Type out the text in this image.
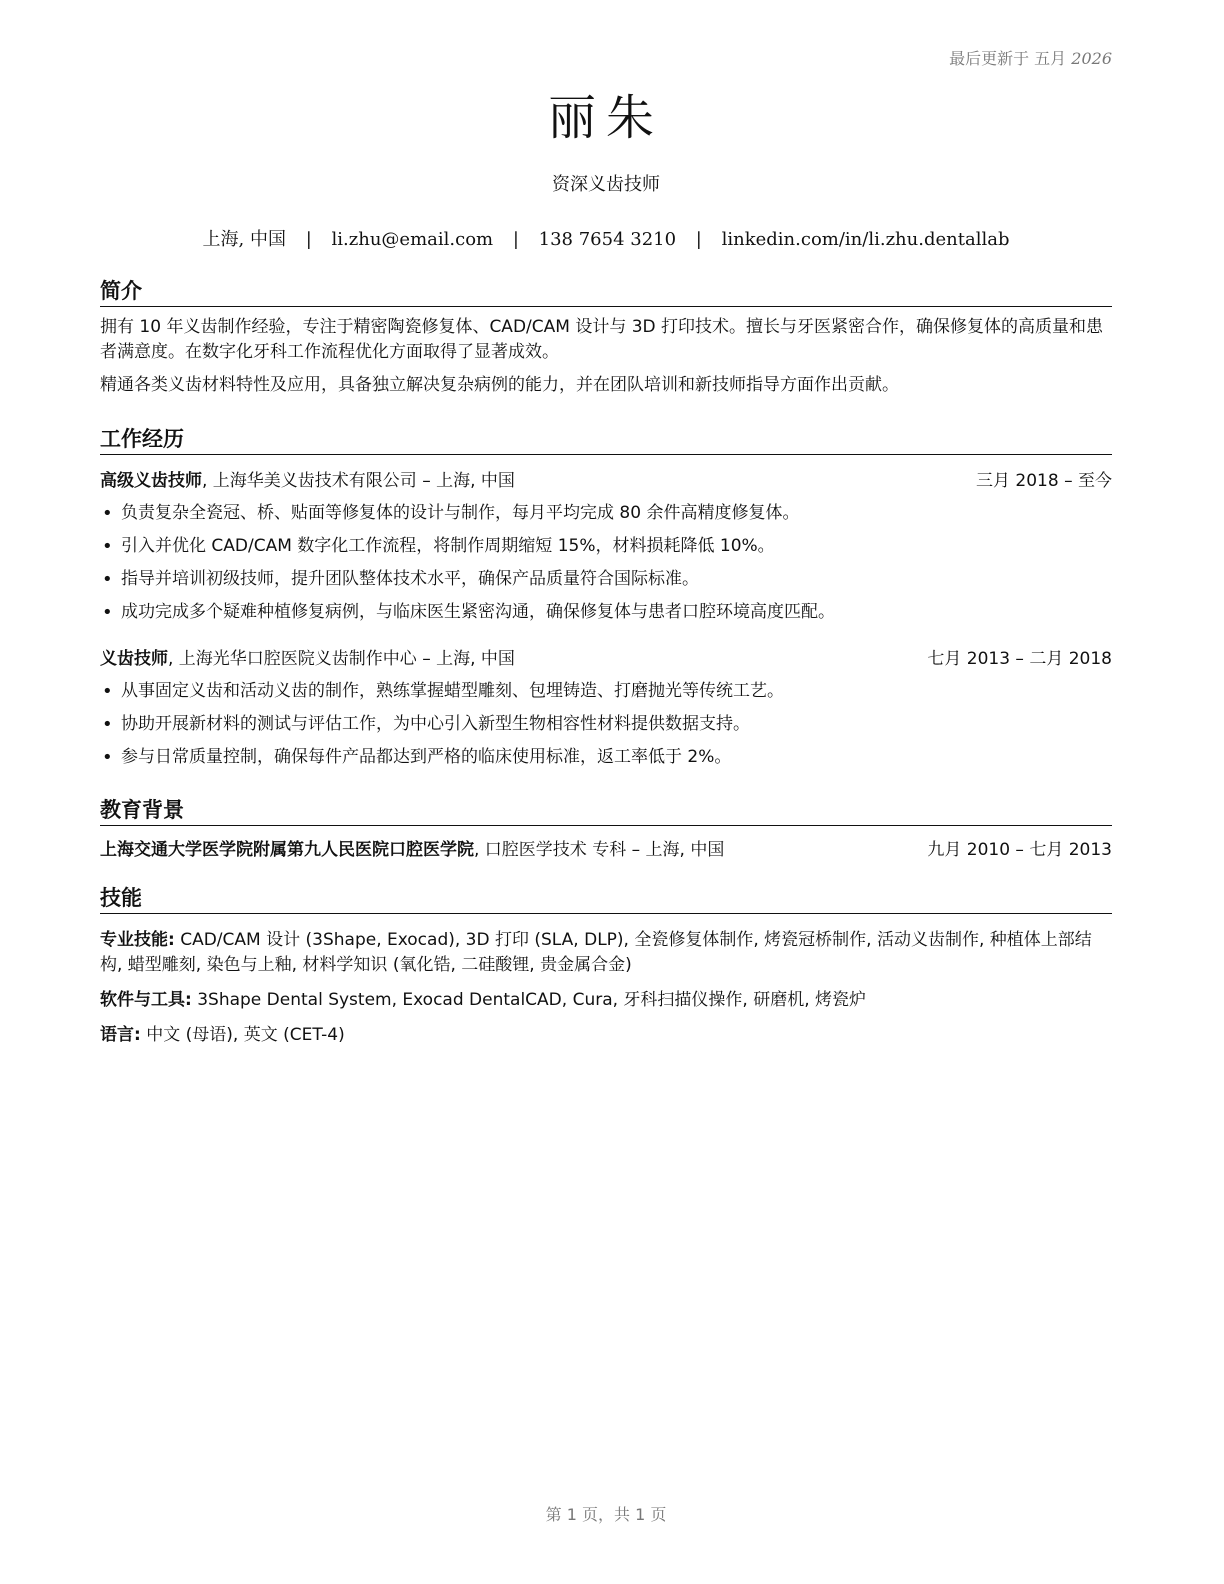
最后更新于 五月 2026
丽朱
资深义齿技师
上海, 中国 | li.zhu@email.com | 138 7654 3210 | linkedin.com/in/li.zhu.dentallab
简介
拥有 10 年义齿制作经验，专注于精密陶瓷修复体、CAD/CAM 设计与 3D 打印技术。擅长与牙医紧密合作，确保修复体的高质量和患者满意度。在数字化牙科工作流程优化方面取得了显著成效。
精通各类义齿材料特性及应用，具备独立解决复杂病例的能力，并在团队培训和新技师指导方面作出贡献。
工作经历
高级义齿技师, 上海华美义齿技术有限公司 – 上海, 中国	三月 2018 – 至今
• 负责复杂全瓷冠、桥、贴面等修复体的设计与制作，每月平均完成 80 余件高精度修复体。
• 引入并优化 CAD/CAM 数字化工作流程，将制作周期缩短 15%，材料损耗降低 10%。
• 指导并培训初级技师，提升团队整体技术水平，确保产品质量符合国际标准。
• 成功完成多个疑难种植修复病例，与临床医生紧密沟通，确保修复体与患者口腔环境高度匹配。
义齿技师, 上海光华口腔医院义齿制作中心 – 上海, 中国	七月 2013 – 二月 2018
• 从事固定义齿和活动义齿的制作，熟练掌握蜡型雕刻、包埋铸造、打磨抛光等传统工艺。
• 协助开展新材料的测试与评估工作，为中心引入新型生物相容性材料提供数据支持。
• 参与日常质量控制，确保每件产品都达到严格的临床使用标准，返工率低于 2%。
教育背景
上海交通大学医学院附属第九人民医院口腔医学院, 口腔医学技术 专科 – 上海, 中国	九月 2010 – 七月 2013
技能
专业技能: CAD/CAM 设计 (3Shape, Exocad), 3D 打印 (SLA, DLP), 全瓷修复体制作, 烤瓷冠桥制作, 活动义齿制作, 种植体上部结构, 蜡型雕刻, 染色与上釉, 材料学知识 (氧化锆, 二硅酸锂, 贵金属合金)
软件与工具: 3Shape Dental System, Exocad DentalCAD, Cura, 牙科扫描仪操作, 研磨机, 烤瓷炉
语言: 中文 (母语), 英文 (CET-4)
第 1 页，共 1 页
